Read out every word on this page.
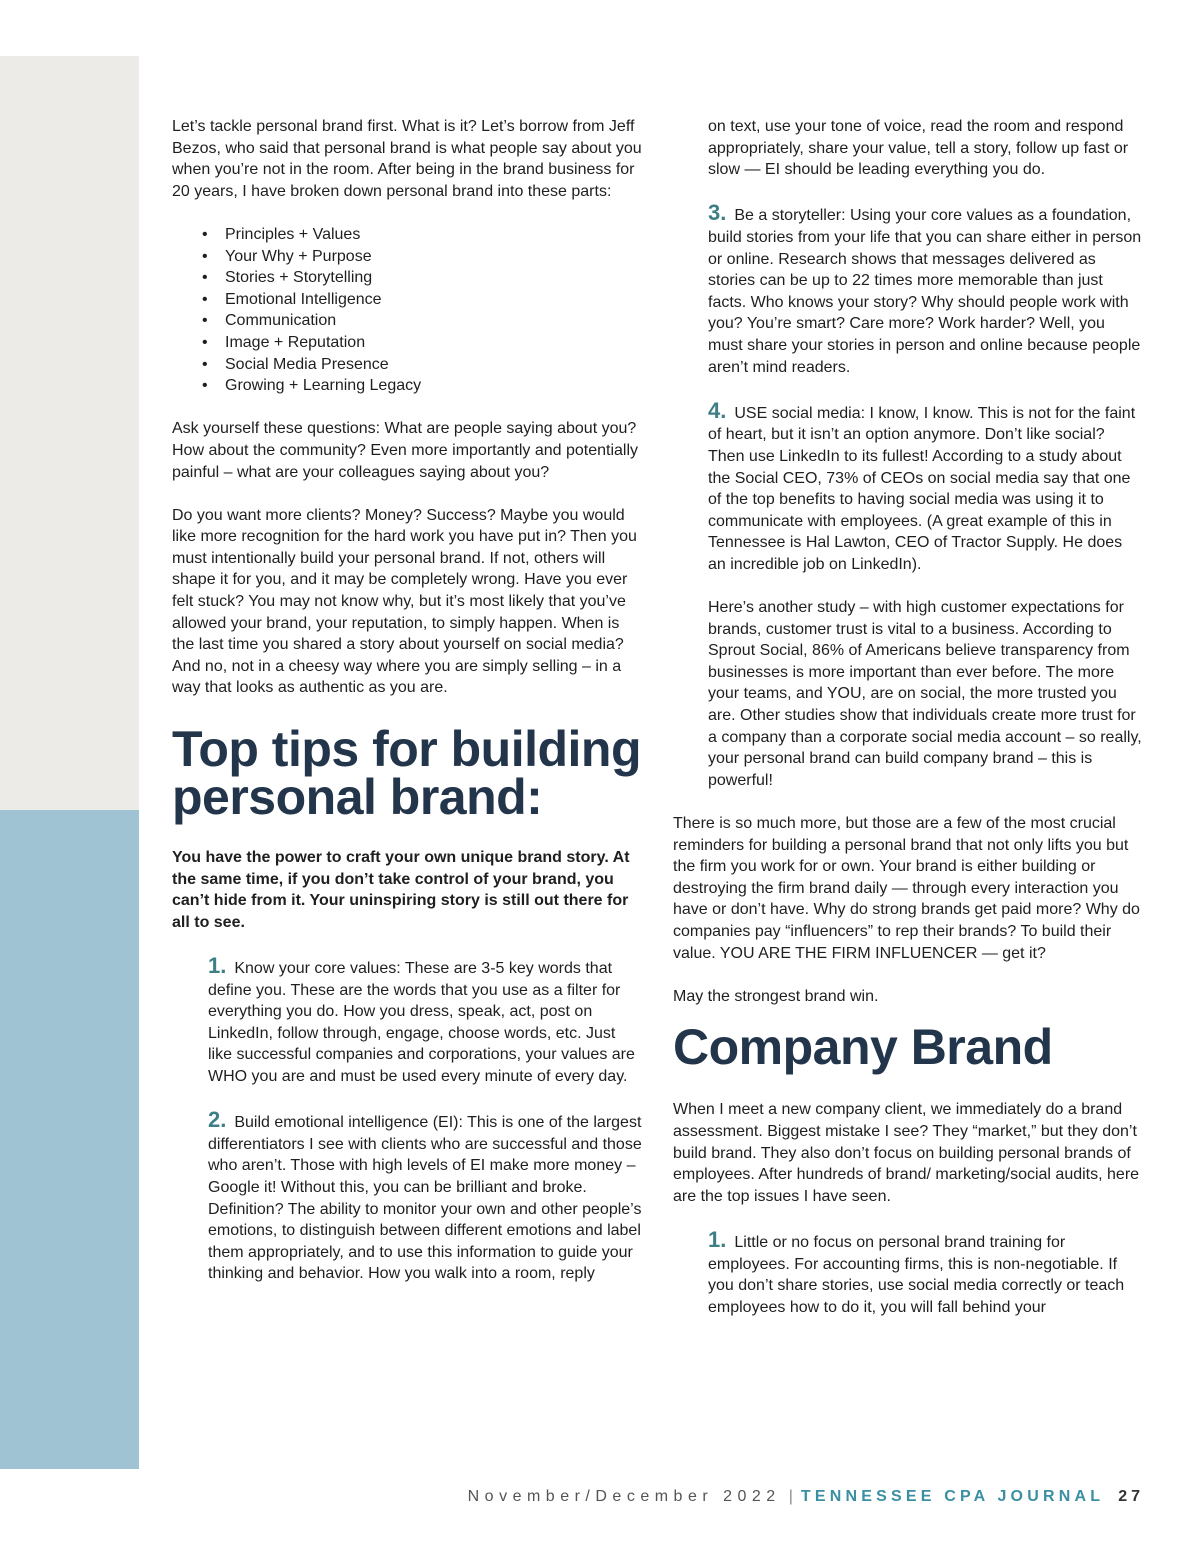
Let’s tackle personal brand first. What is it? Let’s borrow from Jeff Bezos, who said that personal brand is what people say about you when you’re not in the room. After being in the brand business for 20 years, I have broken down personal brand into these parts:

• Principles + Values
• Your Why + Purpose
• Stories + Storytelling
• Emotional Intelligence
• Communication
• Image + Reputation
• Social Media Presence
• Growing + Learning Legacy

Ask yourself these questions: What are people saying about you? How about the community? Even more importantly and potentially painful – what are your colleagues saying about you?

Do you want more clients? Money? Success? Maybe you would like more recognition for the hard work you have put in? Then you must intentionally build your personal brand. If not, others will shape it for you, and it may be completely wrong. Have you ever felt stuck? You may not know why, but it’s most likely that you’ve allowed your brand, your reputation, to simply happen. When is the last time you shared a story about yourself on social media? And no, not in a cheesy way where you are simply selling – in a way that looks as authentic as you are.

Top tips for building personal brand:

You have the power to craft your own unique brand story. At the same time, if you don’t take control of your brand, you can’t hide from it. Your uninspiring story is still out there for all to see.

1. Know your core values: These are 3-5 key words that define you. These are the words that you use as a filter for everything you do. How you dress, speak, act, post on LinkedIn, follow through, engage, choose words, etc. Just like successful companies and corporations, your values are WHO you are and must be used every minute of every day.

2. Build emotional intelligence (EI): This is one of the largest differentiators I see with clients who are successful and those who aren’t. Those with high levels of EI make more money – Google it! Without this, you can be brilliant and broke. Definition? The ability to monitor your own and other people’s emotions, to distinguish between different emotions and label them appropriately, and to use this information to guide your thinking and behavior. How you walk into a room, reply

on text, use your tone of voice, read the room and respond appropriately, share your value, tell a story, follow up fast or slow — EI should be leading everything you do.

3. Be a storyteller: Using your core values as a foundation, build stories from your life that you can share either in person or online. Research shows that messages delivered as stories can be up to 22 times more memorable than just facts. Who knows your story? Why should people work with you? You’re smart? Care more? Work harder? Well, you must share your stories in person and online because people aren’t mind readers.

4. USE social media: I know, I know. This is not for the faint of heart, but it isn’t an option anymore. Don’t like social? Then use LinkedIn to its fullest! According to a study about the Social CEO, 73% of CEOs on social media say that one of the top benefits to having social media was using it to communicate with employees. (A great example of this in Tennessee is Hal Lawton, CEO of Tractor Supply. He does an incredible job on LinkedIn).

Here’s another study – with high customer expectations for brands, customer trust is vital to a business. According to Sprout Social, 86% of Americans believe transparency from businesses is more important than ever before. The more your teams, and YOU, are on social, the more trusted you are. Other studies show that individuals create more trust for a company than a corporate social media account – so really, your personal brand can build company brand – this is powerful!

There is so much more, but those are a few of the most crucial reminders for building a personal brand that not only lifts you but the firm you work for or own. Your brand is either building or destroying the firm brand daily — through every interaction you have or don’t have. Why do strong brands get paid more? Why do companies pay “influencers” to rep their brands? To build their value. YOU ARE THE FIRM INFLUENCER — get it?

May the strongest brand win.

Company Brand

When I meet a new company client, we immediately do a brand assessment. Biggest mistake I see? They “market,” but they don’t build brand. They also don’t focus on building personal brands of employees. After hundreds of brand/ marketing/social audits, here are the top issues I have seen.

1. Little or no focus on personal brand training for employees. For accounting firms, this is non-negotiable. If you don’t share stories, use social media correctly or teach employees how to do it, you will fall behind your

November/December 2022 | TENNESSEE CPA JOURNAL 27
